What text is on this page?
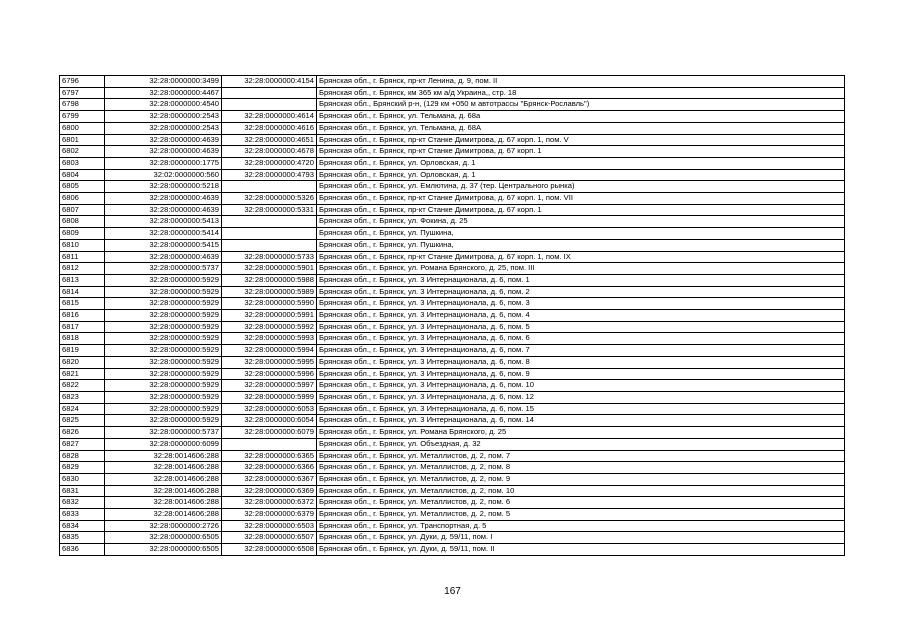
6796	32:28:0000000:3499	32:28:0000000:4154	Брянская обл., г. Брянск, пр-кт Ленина, д. 9, пом. II
6797	32:28:0000000:4467		Брянская обл., г. Брянск, км 365 км а/д Украина,, стр. 18
6798	32:28:0000000:4540		Брянская обл., Брянский р-н, (129 км +050 м автотрассы "Брянск-Рославль")
6799	32:28:0000000:2543	32:28:0000000:4614	Брянская обл., г. Брянск, ул. Тельмана, д. 68а
6800	32:28:0000000:2543	32:28:0000000:4616	Брянская обл., г. Брянск, ул. Тельмана, д. 68А
6801	32:28:0000000:4639	32:28:0000000:4651	Брянская обл., г. Брянск, пр-кт Станке Димитрова, д. 67 корп. 1, пом. V
6802	32:28:0000000:4639	32:28:0000000:4678	Брянская обл., г. Брянск, пр-кт Станке Димитрова, д. 67 корп. 1
6803	32:28:0000000:1775	32:28:0000000:4720	Брянская обл., г. Брянск, ул. Орловская, д. 1
6804	32:02:0000000:560	32:28:0000000:4793	Брянская обл., г. Брянск, ул. Орловская, д. 1
6805	32:28:0000000:5218		Брянская обл., г. Брянск, ул. Емлютина, д. 37 (тер. Центрального рынка)
6806	32:28:0000000:4639	32:28:0000000:5326	Брянская обл., г. Брянск, пр-кт Станке Димитрова, д. 67 корп. 1, пом. VII
6807	32:28:0000000:4639	32:28:0000000:5331	Брянская обл., г. Брянск, пр-кт Станке Димитрова, д. 67 корп. 1
6808	32:28:0000000:5413		Брянская обл., г. Брянск, ул. Фокина, д. 25
6809	32:28:0000000:5414		Брянская обл., г. Брянск, ул. Пушкина,
6810	32:28:0000000:5415		Брянская обл., г. Брянск, ул. Пушкина,
6811	32:28:0000000:4639	32:28:0000000:5733	Брянская обл., г. Брянск, пр-кт Станке Димитрова, д. 67 корп. 1, пом. IX
6812	32:28:0000000:5737	32:28:0000000:5901	Брянская обл., г. Брянск, ул. Романа Брянского, д. 25, пом. III
6813	32:28:0000000:5929	32:28:0000000:5988	Брянская обл., г. Брянск, ул. 3 Интернационала, д. 6, пом. 1
6814	32:28:0000000:5929	32:28:0000000:5989	Брянская обл., г. Брянск, ул. 3 Интернационала, д. 6, пом. 2
6815	32:28:0000000:5929	32:28:0000000:5990	Брянская обл., г. Брянск, ул. 3 Интернационала, д. 6, пом. 3
6816	32:28:0000000:5929	32:28:0000000:5991	Брянская обл., г. Брянск, ул. 3 Интернационала, д. 6, пом. 4
6817	32:28:0000000:5929	32:28:0000000:5992	Брянская обл., г. Брянск, ул. 3 Интернационала, д. 6, пом. 5
6818	32:28:0000000:5929	32:28:0000000:5993	Брянская обл., г. Брянск, ул. 3 Интернационала, д. 6, пом. 6
6819	32:28:0000000:5929	32:28:0000000:5994	Брянская обл., г. Брянск, ул. 3 Интернационала, д. 6, пом. 7
6820	32:28:0000000:5929	32:28:0000000:5995	Брянская обл., г. Брянск, ул. 3 Интернационала, д. 6, пом. 8
6821	32:28:0000000:5929	32:28:0000000:5996	Брянская обл., г. Брянск, ул. 3 Интернационала, д. 6, пом. 9
6822	32:28:0000000:5929	32:28:0000000:5997	Брянская обл., г. Брянск, ул. 3 Интернационала, д. 6, пом. 10
6823	32:28:0000000:5929	32:28:0000000:5999	Брянская обл., г. Брянск, ул. 3 Интернационала, д. 6, пом. 12
6824	32:28:0000000:5929	32:28:0000000:6053	Брянская обл., г. Брянск, ул. 3 Интернационала, д. 6, пом. 15
6825	32:28:0000000:5929	32:28:0000000:6054	Брянская обл., г. Брянск, ул. 3 Интернационала, д. 6, пом. 14
6826	32:28:0000000:5737	32:28:0000000:6079	Брянская обл., г. Брянск, ул. Романа Брянского, д. 25
6827	32:28:0000000:6099		Брянская обл., г. Брянск, ул. Объездная, д. 32
6828	32:28:0014606:288	32:28:0000000:6365	Брянская обл., г. Брянск, ул. Металлистов, д. 2, пом. 7
6829	32:28:0014606:288	32:28:0000000:6366	Брянская обл., г. Брянск, ул. Металлистов, д. 2, пом. 8
6830	32:28:0014606:288	32:28:0000000:6367	Брянская обл., г. Брянск, ул. Металлистов, д. 2, пом. 9
6831	32:28:0014606:288	32:28:0000000:6369	Брянская обл., г. Брянск, ул. Металлистов, д. 2, пом. 10
6832	32:28:0014606:288	32:28:0000000:6372	Брянская обл., г. Брянск, ул. Металлистов, д. 2, пом. 6
6833	32:28:0014606:288	32:28:0000000:6379	Брянская обл., г. Брянск, ул. Металлистов, д. 2, пом. 5
6834	32:28:0000000:2726	32:28:0000000:6503	Брянская обл., г. Брянск, ул. Транспортная, д. 5
6835	32:28:0000000:6505	32:28:0000000:6507	Брянская обл., г. Брянск, ул. Дуки, д. 59/11, пом. I
6836	32:28:0000000:6505	32:28:0000000:6508	Брянская обл., г. Брянск, ул. Дуки, д. 59/11, пом. II
167
